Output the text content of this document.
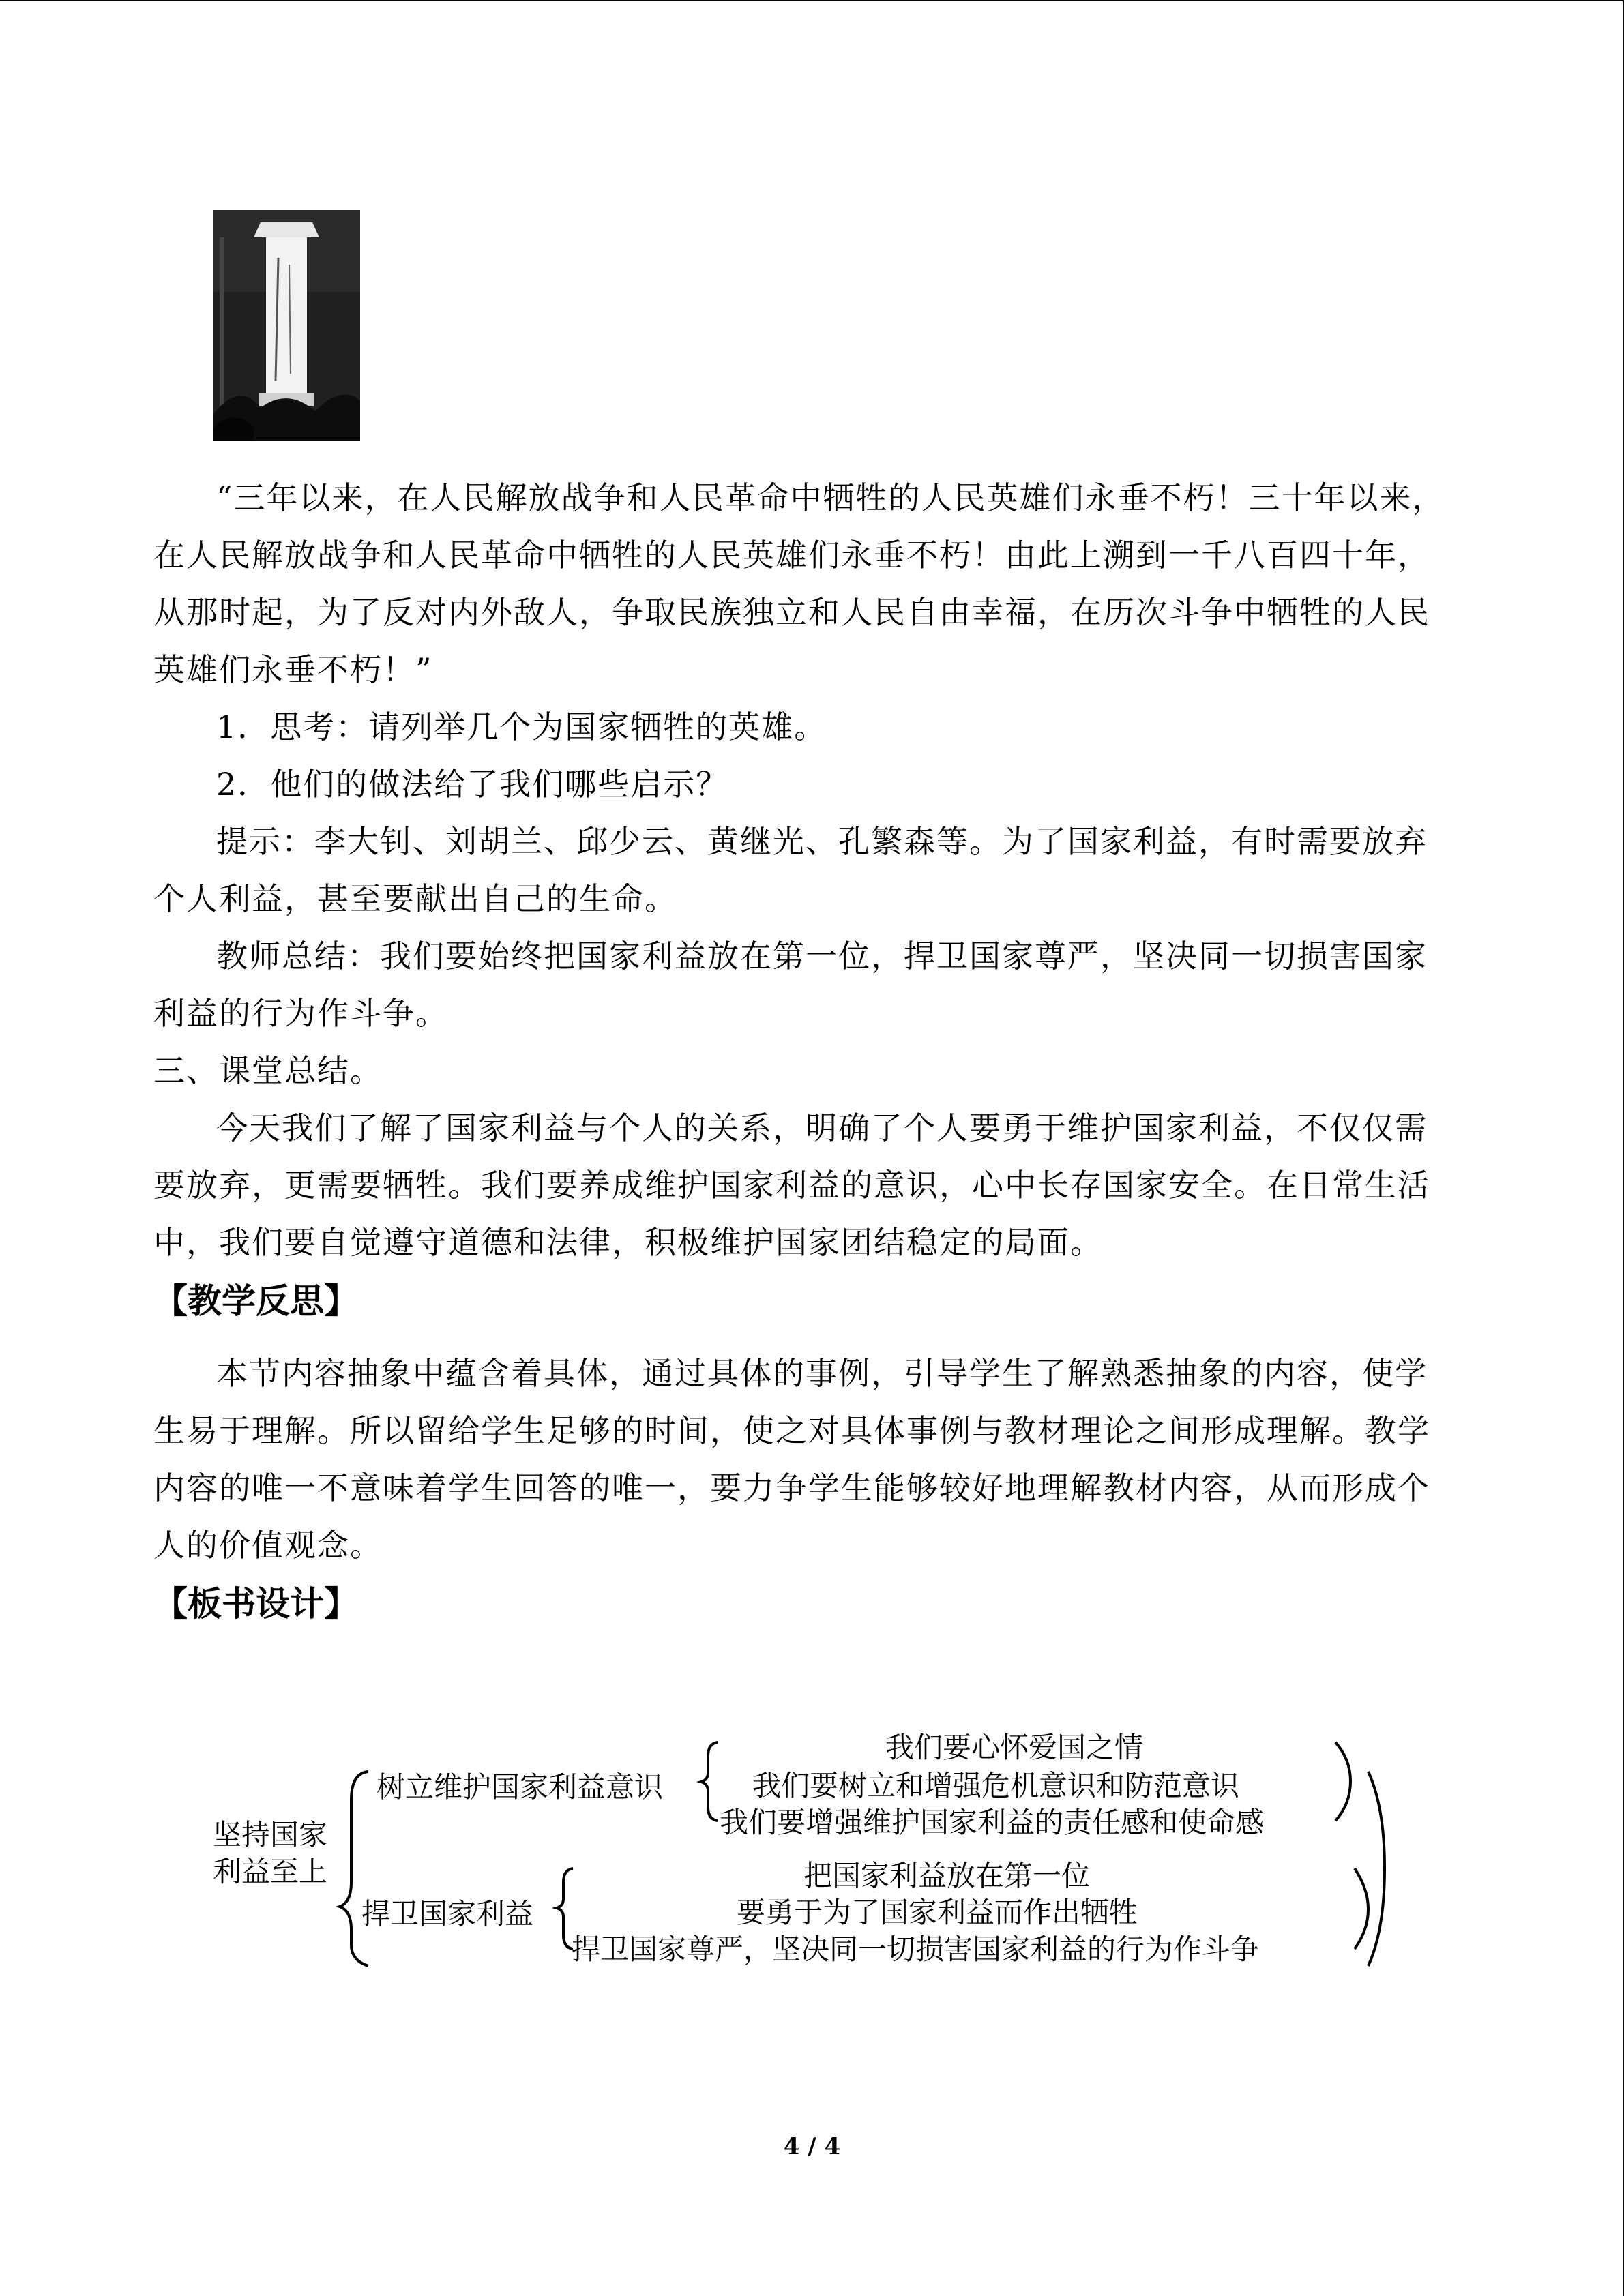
“三年以来，在人民解放战争和人民革命中牺牲的人民英雄们永垂不朽！三十年以来，在人民解放战争和人民革命中牺牲的人民英雄们永垂不朽！由此上溯到一千八百四十年，从那时起，为了反对内外敌人，争取民族独立和人民自由幸福，在历次斗争中牺牲的人民英雄们永垂不朽！”

1．思考：请列举几个为国家牺牲的英雄。

2．他们的做法给了我们哪些启示？

提示：李大钊、刘胡兰、邱少云、黄继光、孔繁森等。为了国家利益，有时需要放弃个人利益，甚至要献出自己的生命。

教师总结：我们要始终把国家利益放在第一位，捍卫国家尊严，坚决同一切损害国家利益的行为作斗争。

三、课堂总结。

今天我们了解了国家利益与个人的关系，明确了个人要勇于维护国家利益，不仅仅需要放弃，更需要牺牲。我们要养成维护国家利益的意识，心中长存国家安全。在日常生活中，我们要自觉遵守道德和法律，积极维护国家团结稳定的局面。

【教学反思】

本节内容抽象中蕴含着具体，通过具体的事例，引导学生了解熟悉抽象的内容，使学生易于理解。所以留给学生足够的时间，使之对具体事例与教材理论之间形成理解。教学内容的唯一不意味着学生回答的唯一，要力争学生能够较好地理解教材内容，从而形成个人的价值观念。

【板书设计】

坚持国家
利益至上
树立维护国家利益意识
我们要心怀爱国之情
我们要树立和增强危机意识和防范意识
我们要增强维护国家利益的责任感和使命感
捍卫国家利益
把国家利益放在第一位
要勇于为了国家利益而作出牺牲
捍卫国家尊严，坚决同一切损害国家利益的行为作斗争
4 / 4
